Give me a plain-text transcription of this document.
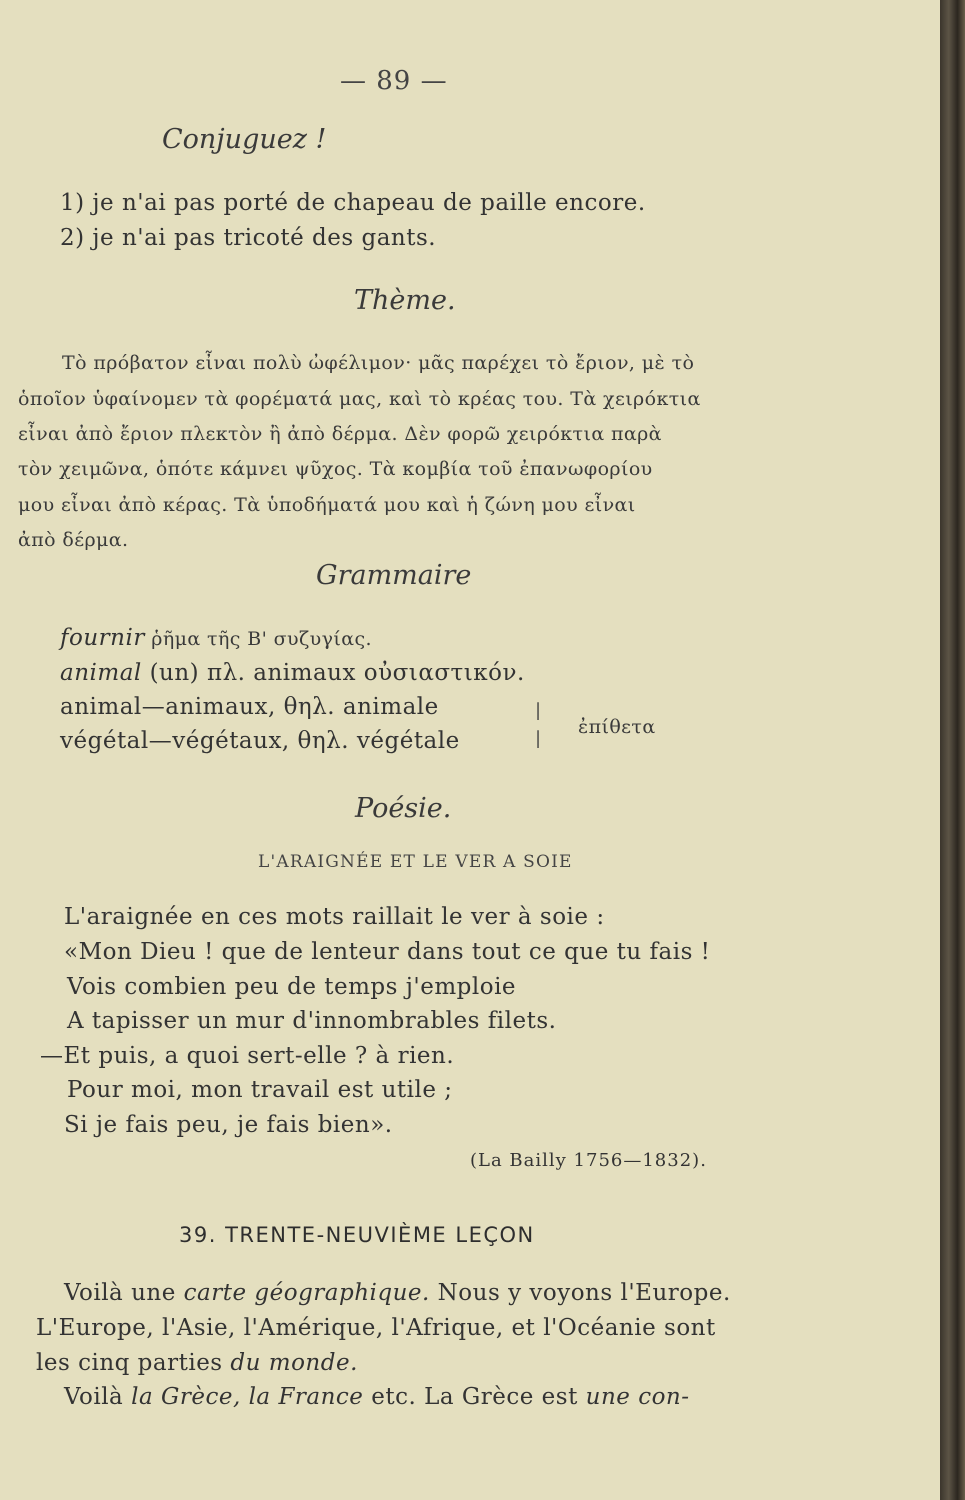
— 89 —
Conjuguez !
1) je n'ai pas porté de chapeau de paille encore.
2) je n'ai pas tricoté des gants.
Thème.
Τὸ πρόβατον εἶναι πολὺ ὠφέλιμον· μᾶς παρέχει τὸ ἔριον, μὲ τὸ
ὁποῖον ὑφαίνομεν τὰ φορέματά μας, καὶ τὸ κρέας του. Τὰ χειρόκτια
εἶναι ἀπὸ ἔριον πλεκτὸν ἢ ἀπὸ δέρμα. Δὲν φορῶ χειρόκτια παρὰ
τὸν χειμῶνα, ὁπότε κάμνει ψῦχος. Τὰ κομβία τοῦ ἐπανωφορίου
μου εἶναι ἀπὸ κέρας. Τὰ ὑποδήματά μου καὶ ἡ ζώνη μου εἶναι
ἀπὸ δέρμα.
Grammaire
fournir ῥῆμα τῆς Β' συζυγίας.
animal (un) πλ. animaux οὐσιαστικόν.
animal—animaux, θηλ. animale
végétal—végétaux, θηλ. végétale
|
|
ἐπίθετα
Poésie.
L'ARAIGNÉE ET LE VER A SOIE
L'araignée en ces mots raillait le ver à soie :
«Mon Dieu ! que de lenteur dans tout ce que tu fais !
Vois combien peu de temps j'emploie
A tapisser un mur d'innombrables filets.
—Et puis, a quoi sert-elle ? à rien.
Pour moi, mon travail est utile ;
Si je fais peu, je fais bien».
(La Bailly 1756—1832).
39. TRENTE-NEUVIÈME LEÇON
Voilà une carte géographique. Nous y voyons l'Europe.
L'Europe, l'Asie, l'Amérique, l'Afrique, et l'Océanie sont
les cinq parties du monde.
Voilà la Grèce, la France etc. La Grèce est une con-
